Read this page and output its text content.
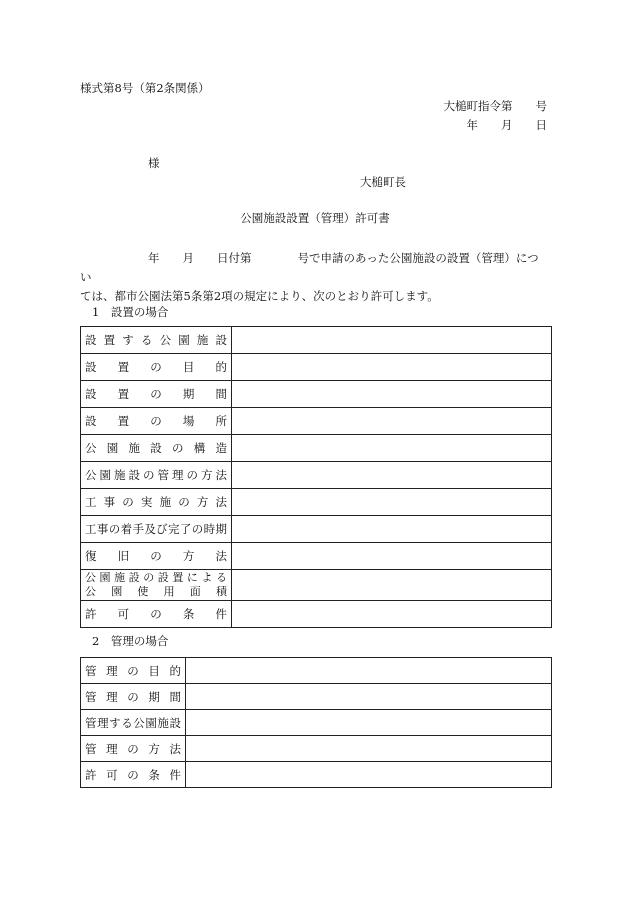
様式第8号（第2条関係）
大槌町指令第　　号
年　　月　　日
様
大槌町長
公園施設設置（管理）許可書
年　　月　　日付第　　　　号で申請のあった公園施設の設置（管理）につい
ては、都市公園法第5条第2項の規定により、次のとおり許可します。
1　設置の場合
設置する公園施設	
設置の目的	
設置の期間	
設置の場所	
公園施設の構造	
公園施設の管理の方法	
工事の実施の方法	
工事の着手及び完了の時期	
復旧の方法	

公園施設の設置による
公園使用面積	

許可の条件	
2　管理の場合
管理の目的	
管理の期間	
管理する公園施設	
管理の方法	
許可の条件	
